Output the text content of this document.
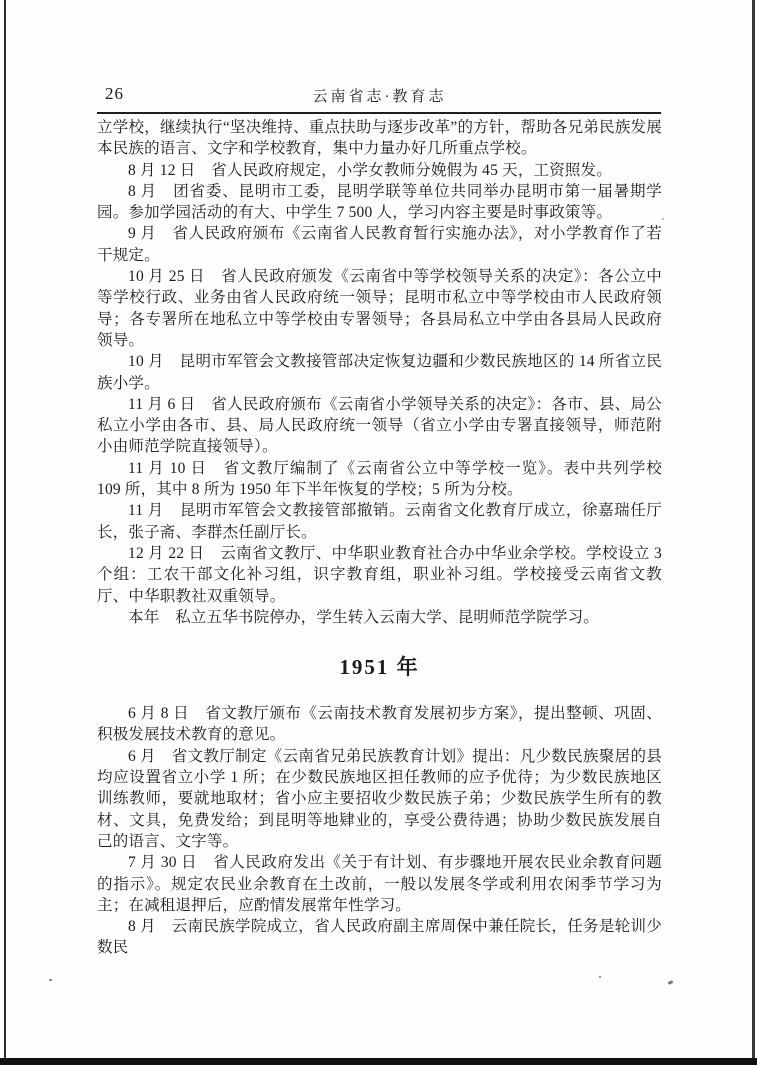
26	云南省志·教育志

立学校，继续执行“坚决维持、重点扶助与逐步改革”的方针，帮助各兄弟民族发展本民族的语言、文字和学校教育，集中力量办好几所重点学校。

8 月 12 日　省人民政府规定，小学女教师分娩假为 45 天，工资照发。

8 月　团省委、昆明市工委，昆明学联等单位共同举办昆明市第一届暑期学园。参加学园活动的有大、中学生 7 500 人，学习内容主要是时事政策等。

9 月　省人民政府颁布《云南省人民教育暂行实施办法》，对小学教育作了若干规定。

10 月 25 日　省人民政府颁发《云南省中等学校领导关系的决定》：各公立中等学校行政、业务由省人民政府统一领导；昆明市私立中等学校由市人民政府领导；各专署所在地私立中等学校由专署领导；各县局私立中学由各县局人民政府领导。

10 月　昆明市军管会文教接管部决定恢复边疆和少数民族地区的 14 所省立民族小学。

11 月 6 日　省人民政府颁布《云南省小学领导关系的决定》：各市、县、局公私立小学由各市、县、局人民政府统一领导（省立小学由专署直接领导，师范附小由师范学院直接领导）。

11 月 10 日　省文教厅编制了《云南省公立中等学校一览》。表中共列学校 109 所，其中 8 所为 1950 年下半年恢复的学校；5 所为分校。

11 月　昆明市军管会文教接管部撤销。云南省文化教育厅成立，徐嘉瑞任厅长，张子斋、李群杰任副厅长。

12 月 22 日　云南省文教厅、中华职业教育社合办中华业余学校。学校设立 3 个组：工农干部文化补习组，识字教育组，职业补习组。学校接受云南省文教厅、中华职教社双重领导。

本年　私立五华书院停办，学生转入云南大学、昆明师范学院学习。

1951 年

6 月 8 日　省文教厅颁布《云南技术教育发展初步方案》，提出整顿、巩固、积极发展技术教育的意见。

6 月　省文教厅制定《云南省兄弟民族教育计划》提出：凡少数民族聚居的县均应设置省立小学 1 所；在少数民族地区担任教师的应予优待；为少数民族地区训练教师，要就地取材；省小应主要招收少数民族子弟；少数民族学生所有的教材、文具，免费发给；到昆明等地肄业的，享受公费待遇；协助少数民族发展自己的语言、文字等。

7 月 30 日　省人民政府发出《关于有计划、有步骤地开展农民业余教育问题的指示》。规定农民业余教育在土改前，一般以发展冬学或利用农闲季节学习为主；在减租退押后，应酌情发展常年性学习。

8 月　云南民族学院成立，省人民政府副主席周保中兼任院长，任务是轮训少数民
